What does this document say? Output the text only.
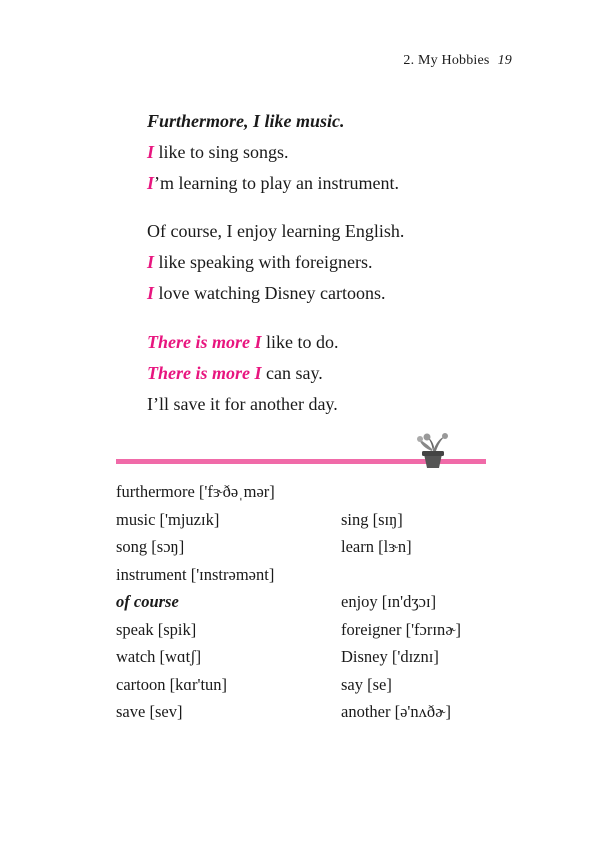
2. My Hobbies 19
Furthermore, I like music.
I like to sing songs.
I’m learning to play an instrument.
Of course, I enjoy learning English.
I like speaking with foreigners.
I love watching Disney cartoons.
There is more I like to do.
There is more I can say.
I’ll save it for another day.
furthermore ['fɝðəˌmər]
music ['mjuzɪk]	sing [sɪŋ]
song [sɔŋ]	learn [lɝn]
instrument ['ɪnstrəmənt]
of course	enjoy [ɪn'dʒɔɪ]
speak [spik]	foreigner ['fɔrɪnɚ]
watch [wɑtʃ]	Disney ['dɪznɪ]
cartoon [kɑr'tun]	say [se]
save [sev]	another [ə'nʌðɚ]
